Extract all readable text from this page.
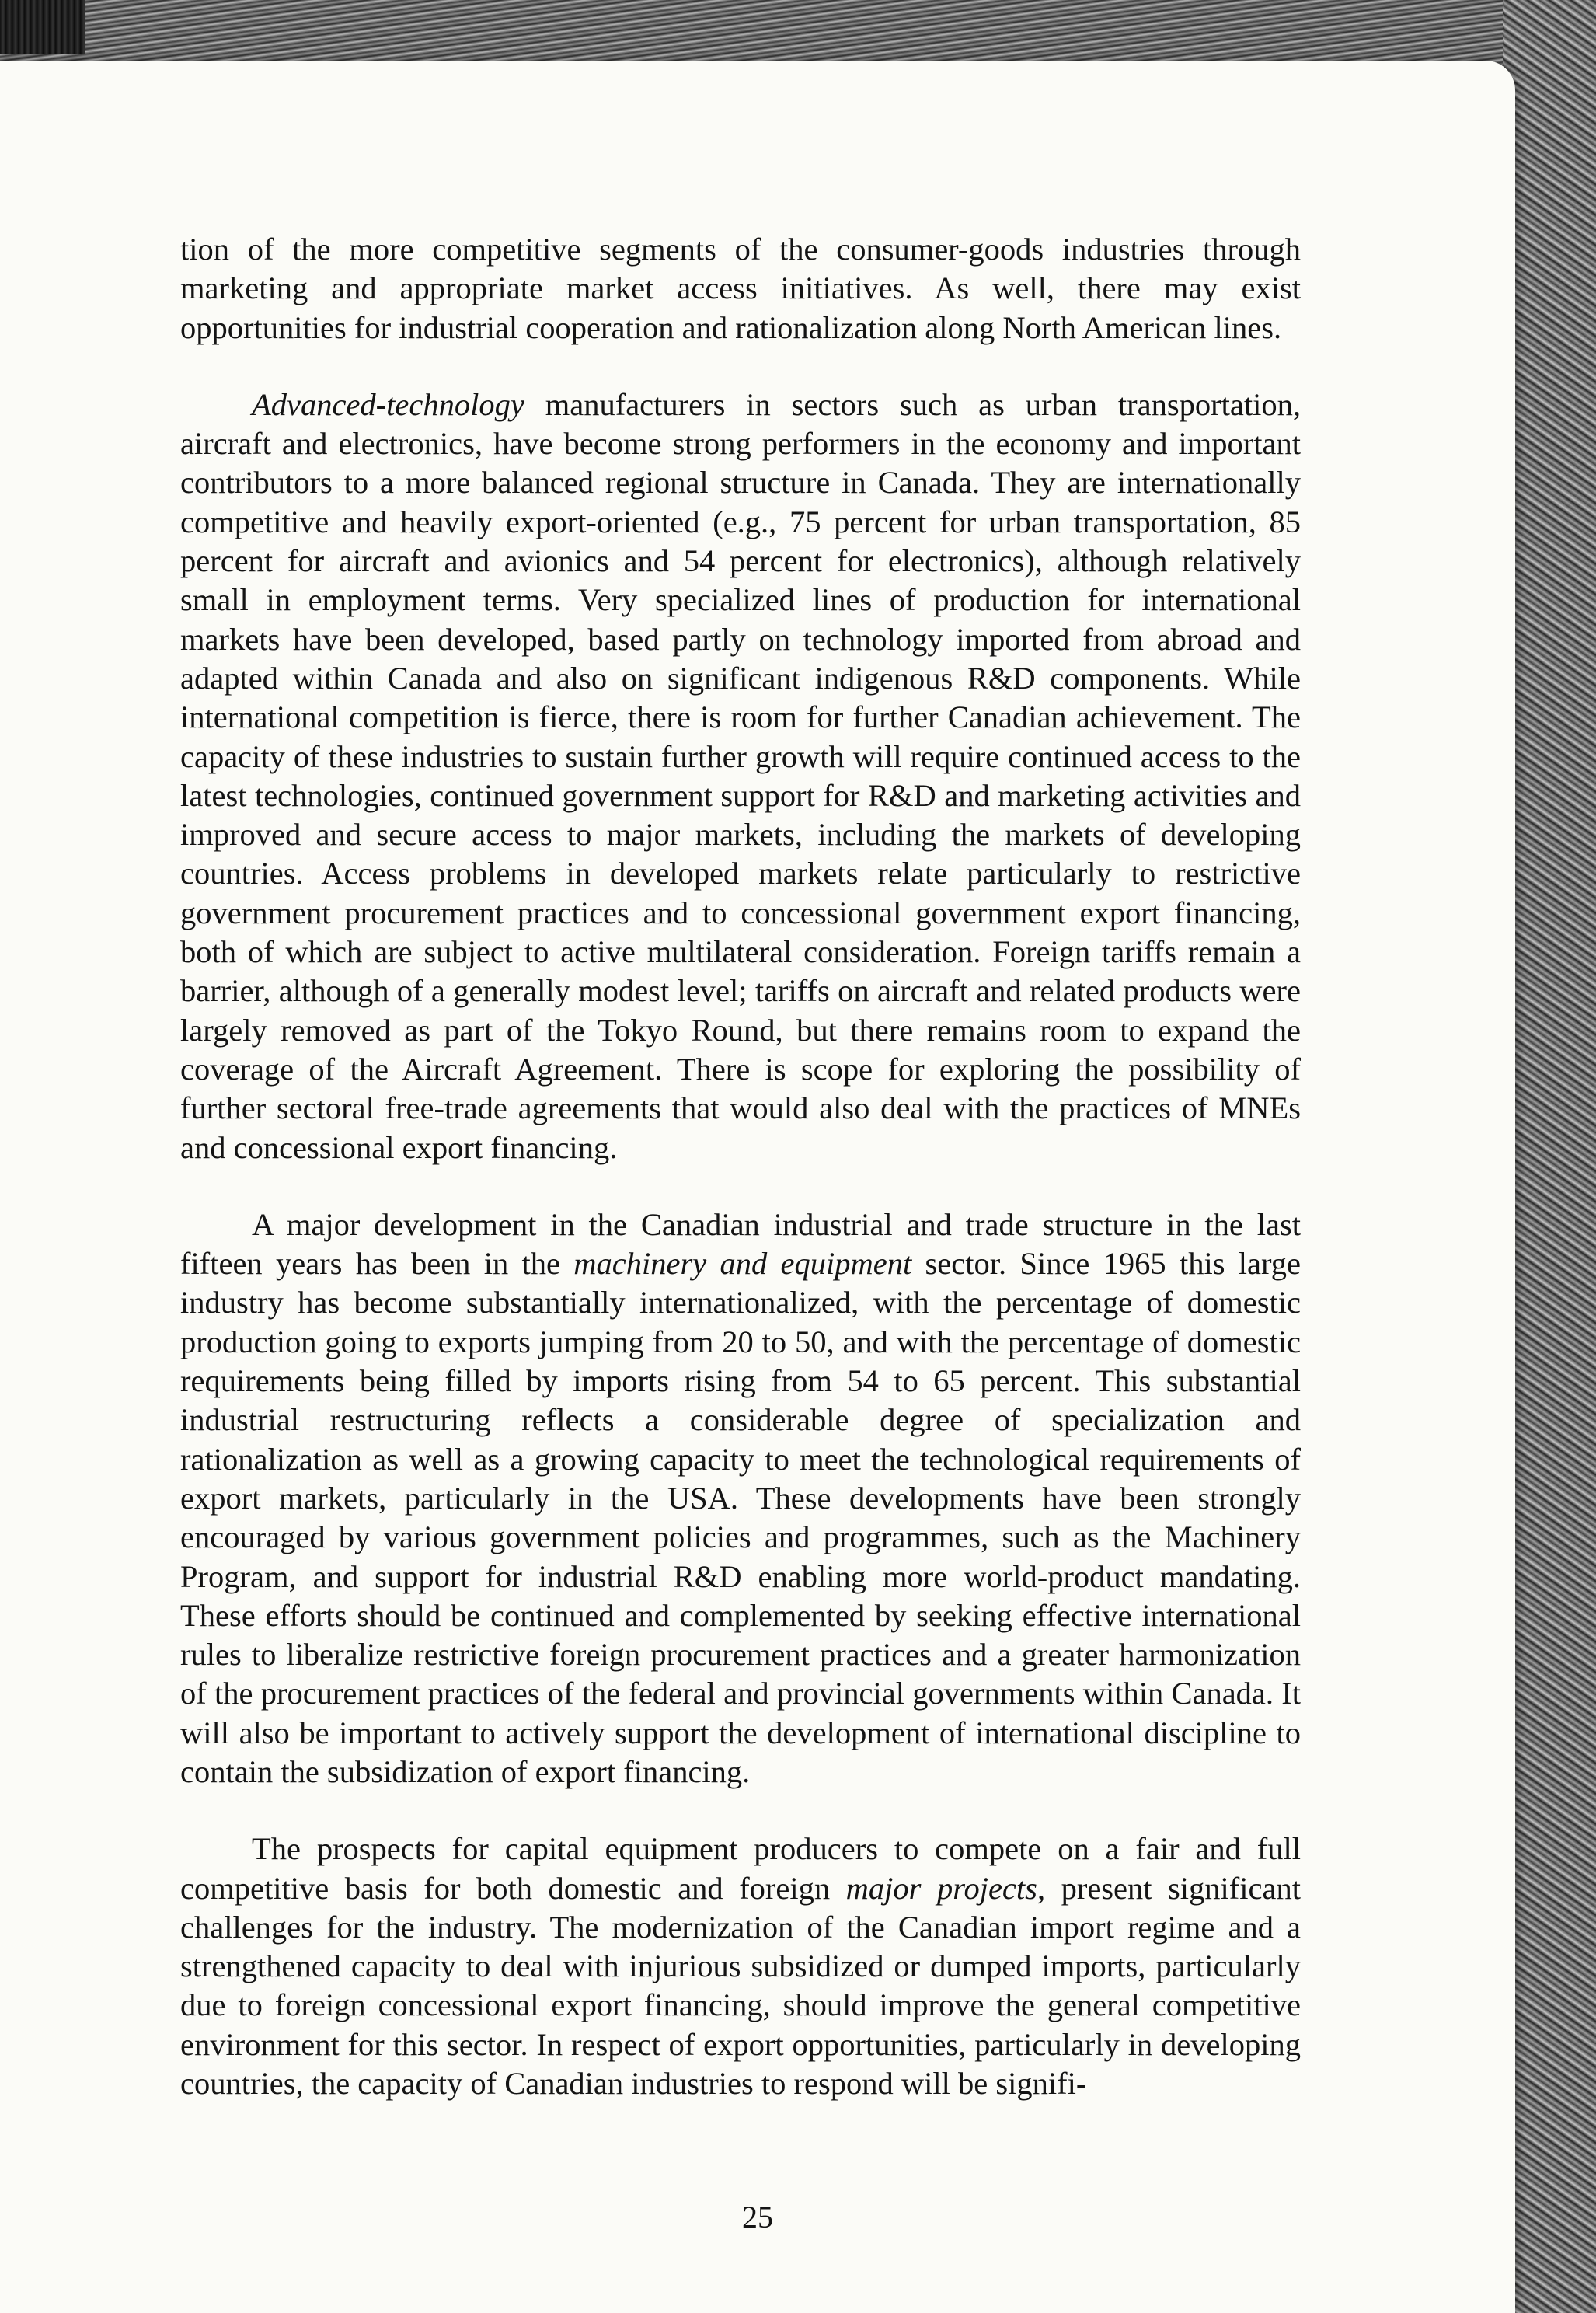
tion of the more competitive segments of the consumer-goods industries through marketing and appropriate market access initiatives. As well, there may exist opportunities for industrial cooperation and rationalization along North American lines.

Advanced-technology manufacturers in sectors such as urban transportation, aircraft and electronics, have become strong performers in the economy and important contributors to a more balanced regional structure in Canada. They are internationally competitive and heavily export-oriented (e.g., 75 percent for urban transportation, 85 percent for aircraft and avionics and 54 percent for electronics), although relatively small in employment terms. Very specialized lines of production for international markets have been developed, based partly on technology imported from abroad and adapted within Canada and also on significant indigenous R&D components. While international competition is fierce, there is room for further Canadian achievement. The capacity of these industries to sustain further growth will require continued access to the latest technologies, continued government support for R&D and marketing activities and improved and secure access to major markets, including the markets of developing countries. Access problems in developed markets relate particularly to restrictive government procurement practices and to concessional government export financing, both of which are subject to active multilateral consideration. Foreign tariffs remain a barrier, although of a generally modest level; tariffs on aircraft and related products were largely removed as part of the Tokyo Round, but there remains room to expand the coverage of the Aircraft Agreement. There is scope for exploring the possibility of further sectoral free-trade agreements that would also deal with the practices of MNEs and concessional export financing.

A major development in the Canadian industrial and trade structure in the last fifteen years has been in the machinery and equipment sector. Since 1965 this large industry has become substantially internationalized, with the percentage of domestic production going to exports jumping from 20 to 50, and with the percentage of domestic requirements being filled by imports rising from 54 to 65 percent. This substantial industrial restructuring reflects a considerable degree of specialization and rationalization as well as a growing capacity to meet the technological requirements of export markets, particularly in the USA. These developments have been strongly encouraged by various government policies and programmes, such as the Machinery Program, and support for industrial R&D enabling more world-product mandating. These efforts should be continued and complemented by seeking effective international rules to liberalize restrictive foreign procurement practices and a greater harmonization of the procurement practices of the federal and provincial governments within Canada. It will also be important to actively support the development of international discipline to contain the subsidization of export financing.

The prospects for capital equipment producers to compete on a fair and full competitive basis for both domestic and foreign major projects, present significant challenges for the industry. The modernization of the Canadian import regime and a strengthened capacity to deal with injurious subsidized or dumped imports, particularly due to foreign concessional export financing, should improve the general competitive environment for this sector. In respect of export opportunities, particularly in developing countries, the capacity of Canadian industries to respond will be signifi-

25
